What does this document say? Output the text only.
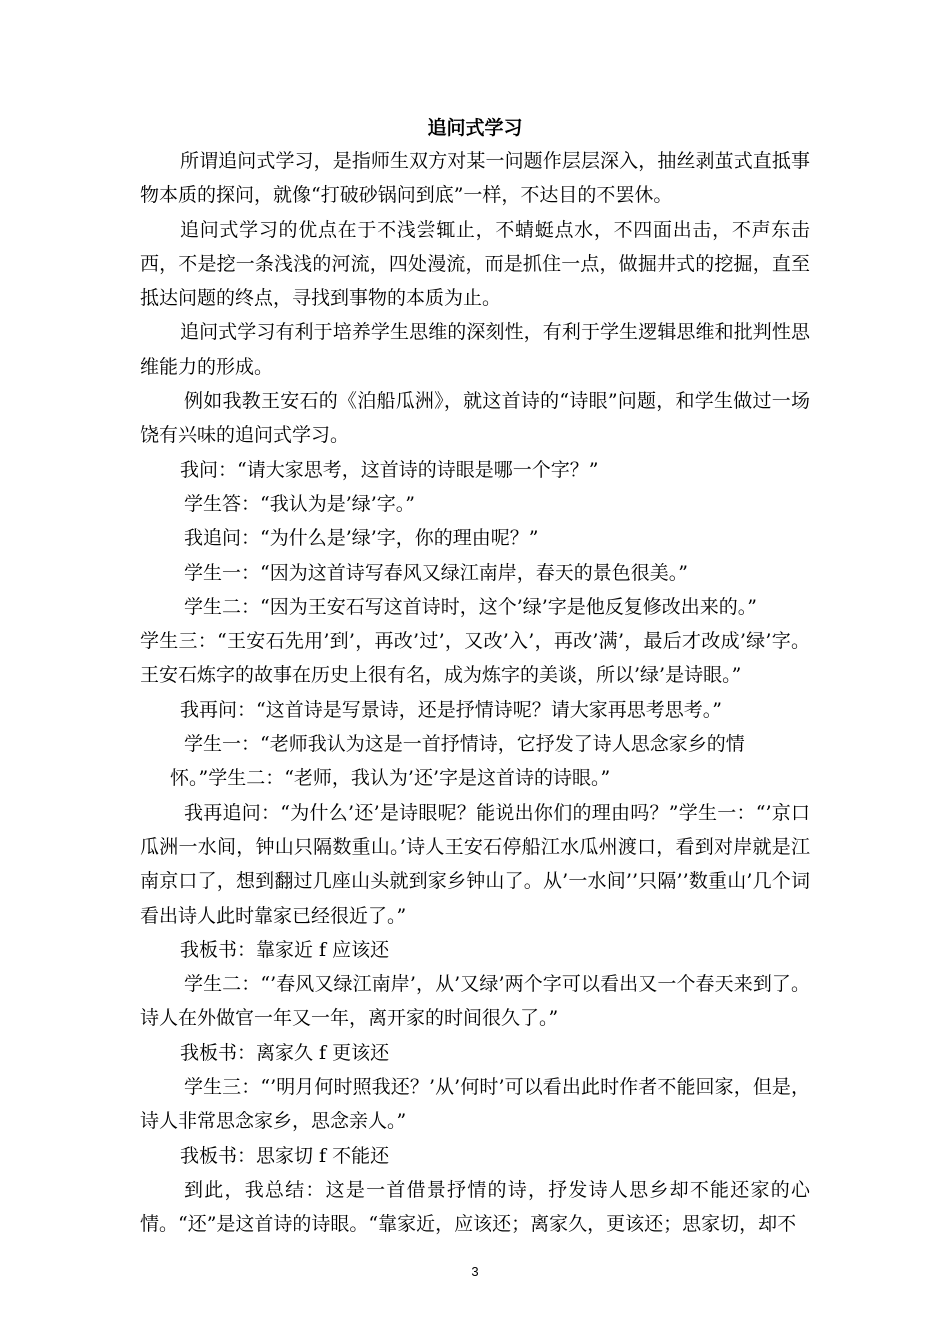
追问式学习

所谓追问式学习，是指师生双方对某一问题作层层深入，抽丝剥茧式直抵事物本质的探问，就像“打破砂锅问到底”一样，不达目的不罢休。

追问式学习的优点在于不浅尝辄止，不蜻蜓点水，不四面出击，不声东击西，不是挖一条浅浅的河流，四处漫流，而是抓住一点，做掘井式的挖掘，直至抵达问题的终点，寻找到事物的本质为止。

追问式学习有利于培养学生思维的深刻性，有利于学生逻辑思维和批判性思维能力的形成。

例如我教王安石的《泊船瓜洲》，就这首诗的“诗眼”问题，和学生做过一场饶有兴味的追问式学习。

我问：“请大家思考，这首诗的诗眼是哪一个字？”

学生答：“我认为是’绿’字。”

我追问：“为什么是’绿’字，你的理由呢？”

学生一：“因为这首诗写春风又绿江南岸，春天的景色很美。”

学生二：“因为王安石写这首诗时，这个’绿’字是他反复修改出来的。”

学生三：“王安石先用’到’，再改’过’，又改’入’，再改’满’，最后才改成’绿’字。王安石炼字的故事在历史上很有名，成为炼字的美谈，所以’绿’是诗眼。”

我再问：“这首诗是写景诗，还是抒情诗呢？请大家再思考思考。”

学生一：“老师我认为这是一首抒情诗，它抒发了诗人思念家乡的情

怀。”学生二：“老师，我认为’还’字是这首诗的诗眼。”

我再追问：“为什么’还’是诗眼呢？能说出你们的理由吗？”学生一：“’京口瓜洲一水间，钟山只隔数重山。’诗人王安石停船江水瓜州渡口，看到对岸就是江南京口了，想到翻过几座山头就到家乡钟山了。从’一水间’’只隔’’数重山’几个词看出诗人此时靠家已经很近了。”

我板书：靠家近 f 应该还

学生二：“’春风又绿江南岸’，从’又绿’两个字可以看出又一个春天来到了。诗人在外做官一年又一年，离开家的时间很久了。”

我板书：离家久 f 更该还

学生三：“’明月何时照我还？’从’何时’可以看出此时作者不能回家，但是，诗人非常思念家乡，思念亲人。”

我板书：思家切 f 不能还

到此，我总结：这是一首借景抒情的诗，抒发诗人思乡却不能还家的心情。“还”是这首诗的诗眼。“靠家近，应该还；离家久，更该还；思家切，却不

3
